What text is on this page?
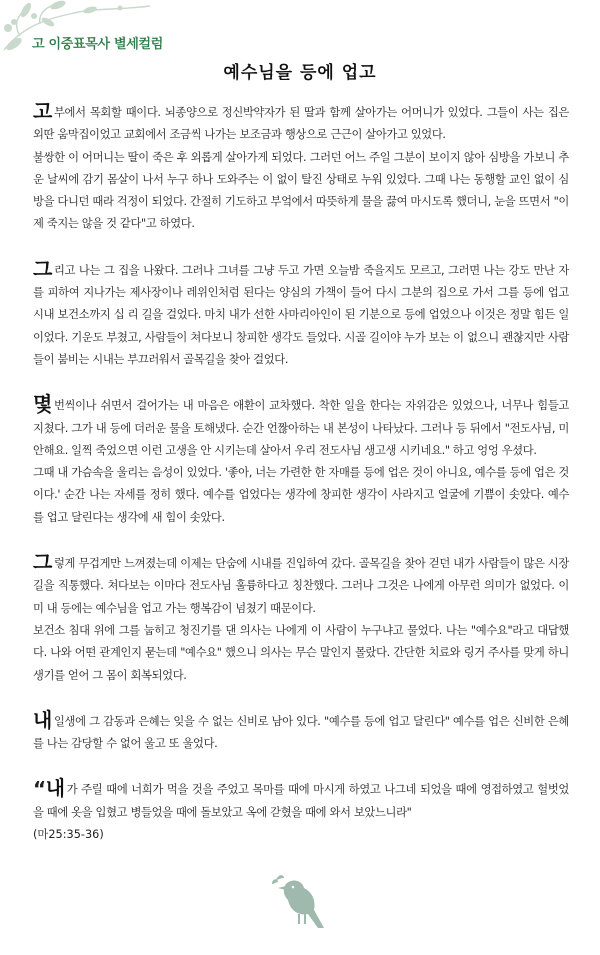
고 이중표목사 별세컬럼
예수님을 등에 업고

고부에서 목회할 때이다. 뇌종양으로 정신박약자가 된 딸과 함께 살아가는 어머니가 있었다. 그들이 사는 집은 외딴 움막집이었고 교회에서 조금씩 나가는 보조금과 행상으로 근근이 살아가고 있었다.

불쌍한 이 어머니는 딸이 죽은 후 외롭게 살아가게 되었다. 그러던 어느 주일 그분이 보이지 않아 심방을 가보니 추운 날씨에 감기 몸살이 나서 누구 하나 도와주는 이 없이 탈진 상태로 누워 있었다. 그때 나는 동행할 교인 없이 심방을 다니던 때라 걱정이 되었다. 간절히 기도하고 부엌에서 따뜻하게 물을 끓여 마시도록 했더니, 눈을 뜨면서 "이제 죽지는 않을 것 같다"고 하였다.

그리고 나는 그 집을 나왔다. 그러나 그녀를 그냥 두고 가면 오늘밤 죽을지도 모르고, 그러면 나는 강도 만난 자를 피하여 지나가는 제사장이나 레위인처럼 된다는 양심의 가책이 들어 다시 그분의 집으로 가서 그를 등에 업고 시내 보건소까지 십 리 길을 걸었다. 마치 내가 선한 사마리아인이 된 기분으로 등에 업었으나 이것은 정말 힘든 일이었다. 기운도 부쳤고, 사람들이 쳐다보니 창피한 생각도 들었다. 시골 길이야 누가 보는 이 없으니 괜찮지만 사람들이 붐비는 시내는 부끄러워서 골목길을 찾아 걸었다.

몇번씩이나 쉬면서 걸어가는 내 마음은 애환이 교차했다. 착한 일을 한다는 자위감은 있었으나, 너무나 힘들고 지쳤다. 그가 내 등에 더러운 물을 토해냈다. 순간 언짢아하는 내 본성이 나타났다. 그러나 등 뒤에서 "전도사님, 미안해요. 일찍 죽었으면 이런 고생을 안 시키는데 살아서 우리 전도사님 생고생 시키네요." 하고 엉엉 우셨다.

그때 내 가슴속을 울리는 음성이 있었다. '좋아, 너는 가련한 한 자매를 등에 업은 것이 아니요, 예수를 등에 업은 것이다.' 순간 나는 자세를 정히 했다. 예수를 업었다는 생각에 창피한 생각이 사라지고 얼굴에 기쁨이 솟았다. 예수를 업고 달린다는 생각에 새 힘이 솟았다.

그렇게 무겁게만 느껴졌는데 이제는 단숨에 시내를 진입하여 갔다. 골목길을 찾아 걷던 내가 사람들이 많은 시장길을 직통했다. 쳐다보는 이마다 전도사님 훌륭하다고 칭찬했다. 그러나 그것은 나에게 아무런 의미가 없었다. 이미 내 등에는 예수님을 업고 가는 행복감이 넘쳤기 때문이다.

보건소 침대 위에 그를 눕히고 청진기를 댄 의사는 나에게 이 사람이 누구냐고 물었다. 나는 "예수요"라고 대답했다. 나와 어떤 관계인지 묻는데 "예수요" 했으니 의사는 무슨 말인지 몰랐다. 간단한 치료와 링거 주사를 맞게 하니 생기를 얻어 그 몸이 회복되었다.

내일생에 그 감동과 은혜는 잊을 수 없는 신비로 남아 있다. "예수를 등에 업고 달린다" 예수를 업은 신비한 은혜를 나는 감당할 수 없어 울고 또 울었다.

“내 가 주릴 때에 너희가 먹을 것을 주었고 목마를 때에 마시게 하였고 나그네 되었을 때에 영접하였고 헐벗었을 때에 옷을 입혔고 병들었을 때에 돌보았고 옥에 갇혔을 때에 와서 보았느니라"

(마25:35-36)
